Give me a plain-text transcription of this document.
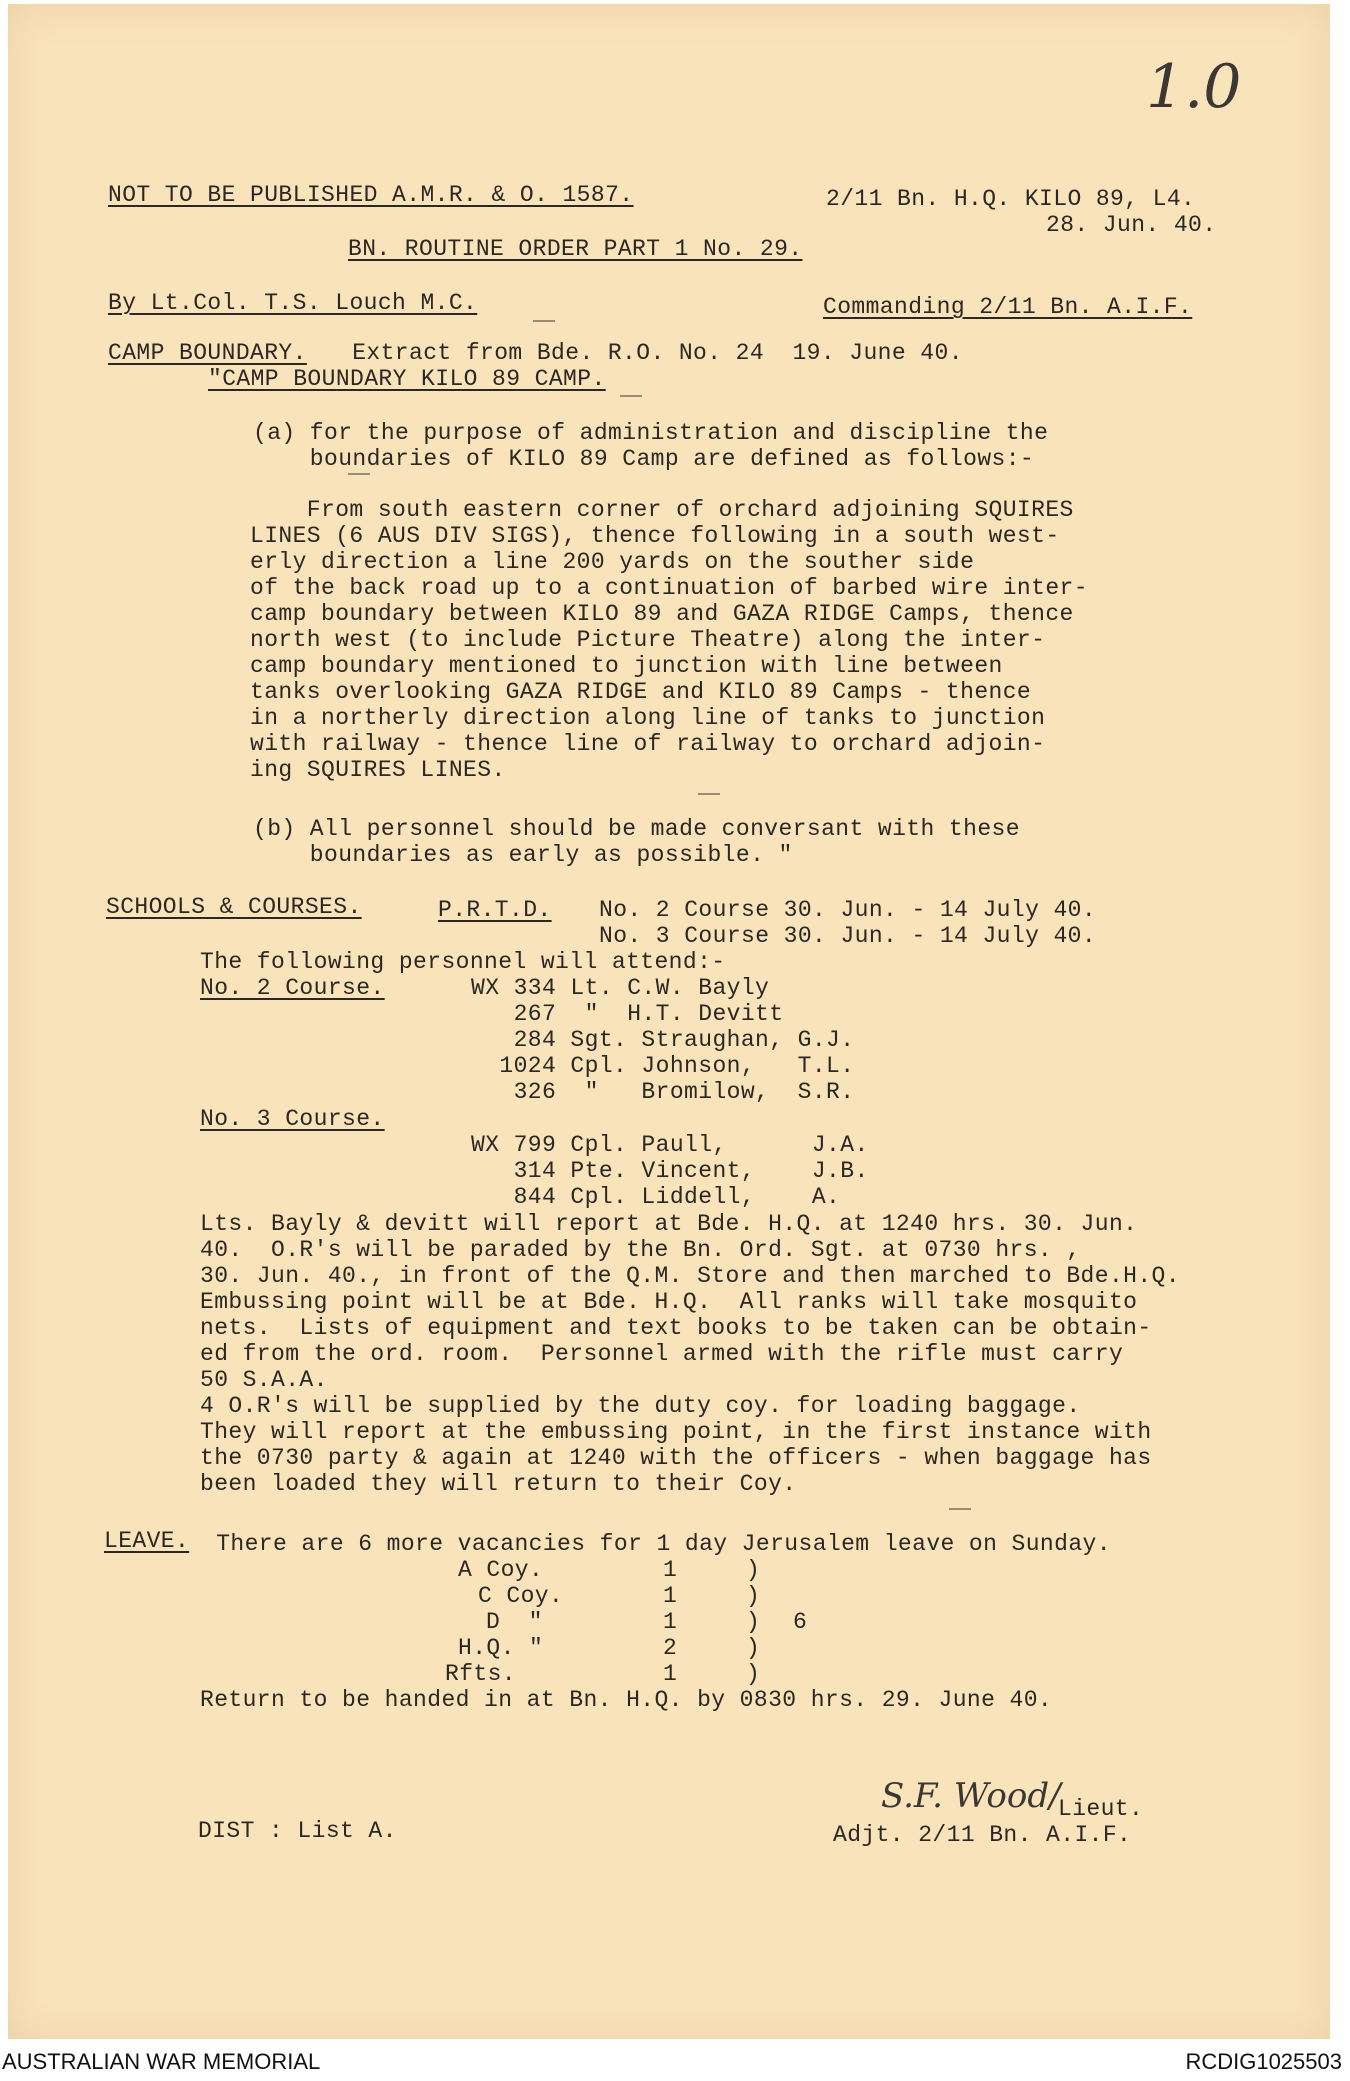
1.0
NOT TO BE PUBLISHED A.M.R. & O. 1587.	2/11 Bn. H.Q. KILO 89, L4.
28. Jun. 40.
BN. ROUTINE ORDER PART 1 No. 29.
By Lt.Col. T.S. Louch M.C.	Commanding 2/11 Bn. A.I.F.
CAMP BOUNDARY. Extract from Bde. R.O. No. 24  19. June 40.
"CAMP BOUNDARY KILO 89 CAMP.
(a) for the purpose of administration and discipline the
boundaries of KILO 89 Camp are defined as follows:-
From south eastern corner of orchard adjoining SQUIRES
LINES (6 AUS DIV SIGS), thence following in a south west-
erly direction a line 200 yards on the souther side
of the back road up to a continuation of barbed wire inter-
camp boundary between KILO 89 and GAZA RIDGE Camps, thence
north west (to include Picture Theatre) along the inter-
camp boundary mentioned to junction with line between
tanks overlooking GAZA RIDGE and KILO 89 Camps - thence
in a northerly direction along line of tanks to junction
with railway - thence line of railway to orchard adjoin-
ing SQUIRES LINES.
(b) All personnel should be made conversant with these
boundaries as early as possible. "
SCHOOLS & COURSES.	P.R.T.D. No. 2 Course 30. Jun. - 14 July 40.
No. 3 Course 30. Jun. - 14 July 40.
The following personnel will attend:-
No. 2 Course.	WX 334 Lt. C.W. Bayly
267  "  H.T. Devitt
284 Sgt. Straughan, G.J.
1024 Cpl. Johnson,   T.L.
326  "   Bromilow,  S.R.
No. 3 Course.
WX 799 Cpl. Paull,      J.A.
314 Pte. Vincent,    J.B.
844 Cpl. Liddell,    A.
Lts. Bayly & devitt will report at Bde. H.Q. at 1240 hrs. 30. Jun.
40.  O.R's will be paraded by the Bn. Ord. Sgt. at 0730 hrs. ,
30. Jun. 40., in front of the Q.M. Store and then marched to Bde.H.Q.
Embussing point will be at Bde. H.Q.  All ranks will take mosquito
nets.  Lists of equipment and text books to be taken can be obtain-
ed from the ord. room.  Personnel armed with the rifle must carry
50 S.A.A.
4 O.R's will be supplied by the duty coy. for loading baggage.
They will report at the embussing point, in the first instance with
the 0730 party & again at 1240 with the officers - when baggage has
been loaded they will return to their Coy.
LEAVE. There are 6 more vacancies for 1 day Jerusalem leave on Sunday.
A Coy.	1	)
C Coy.	1	)
D  "	1	) 6
H.Q. "	2	)
Rfts.	1	)
Return to be handed in at Bn. H.Q. by 0830 hrs. 29. June 40.
S.F. Wood/
Lieut.
Adjt. 2/11 Bn. A.I.F.
DIST : List A.
AUSTRALIAN WAR MEMORIAL	RCDIG1025503
